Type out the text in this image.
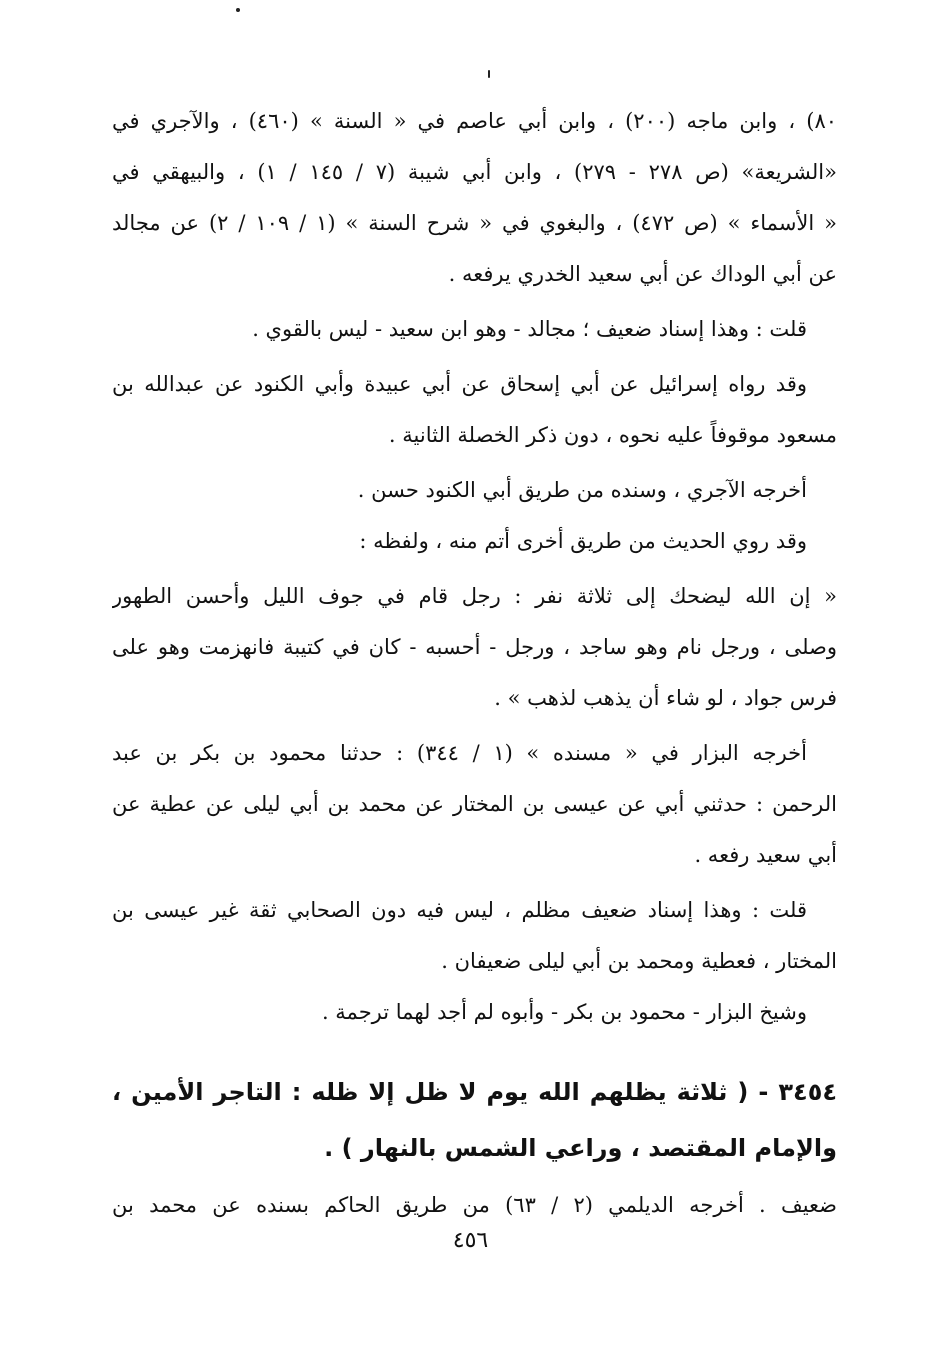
٨٠) ، وابن ماجه (٢٠٠) ، وابن أبي عاصم في « السنة » (٤٦٠) ، والآجري في
«الشريعة» (ص ٢٧٨ - ٢٧٩) ، وابن أبي شيبة (٧ / ١٤٥ / ١) ، والبيهقي في
« الأسماء » (ص ٤٧٢) ، والبغوي في « شرح السنة » (١ / ١٠٩ / ٢) عن مجالد
عن أبي الوداك عن أبي سعيد الخدري يرفعه .
قلت : وهذا إسناد ضعيف ؛ مجالد - وهو ابن سعيد - ليس بالقوي .
وقد رواه إسرائيل عن أبي إسحاق عن أبي عبيدة وأبي الكنود عن عبدالله بن
مسعود موقوفاً عليه نحوه ، دون ذكر الخصلة الثانية .
أخرجه الآجري ، وسنده من طريق أبي الكنود حسن .
وقد روي الحديث من طريق أخرى أتم منه ، ولفظه :
« إن الله ليضحك إلى ثلاثة نفر : رجل قام في جوف الليل وأحسن الطهور
وصلى ، ورجل نام وهو ساجد ، ورجل - أحسبه - كان في كتيبة فانهزمت وهو على
فرس جواد ، لو شاء أن يذهب لذهب » .
أخرجه البزار في « مسنده » (١ / ٣٤٤) : حدثنا محمود بن بكر بن عبد
الرحمن : حدثني أبي عن عيسى بن المختار عن محمد بن أبي ليلى عن عطية عن
أبي سعيد رفعه .
قلت : وهذا إسناد ضعيف مظلم ، ليس فيه دون الصحابي ثقة غير عيسى بن
المختار ، فعطية ومحمد بن أبي ليلى ضعيفان .
وشيخ البزار - محمود بن بكر - وأبوه لم أجد لهما ترجمة .
٣٤٥٤ - ( ثلاثة يظلهم الله يوم لا ظل إلا ظله : التاجر الأمين ،
والإمام المقتصد ، وراعي الشمس بالنهار ) .
ضعيف . أخرجه الديلمي (٢ / ٦٣) من طريق الحاكم بسنده عن محمد بن
٤٥٦
